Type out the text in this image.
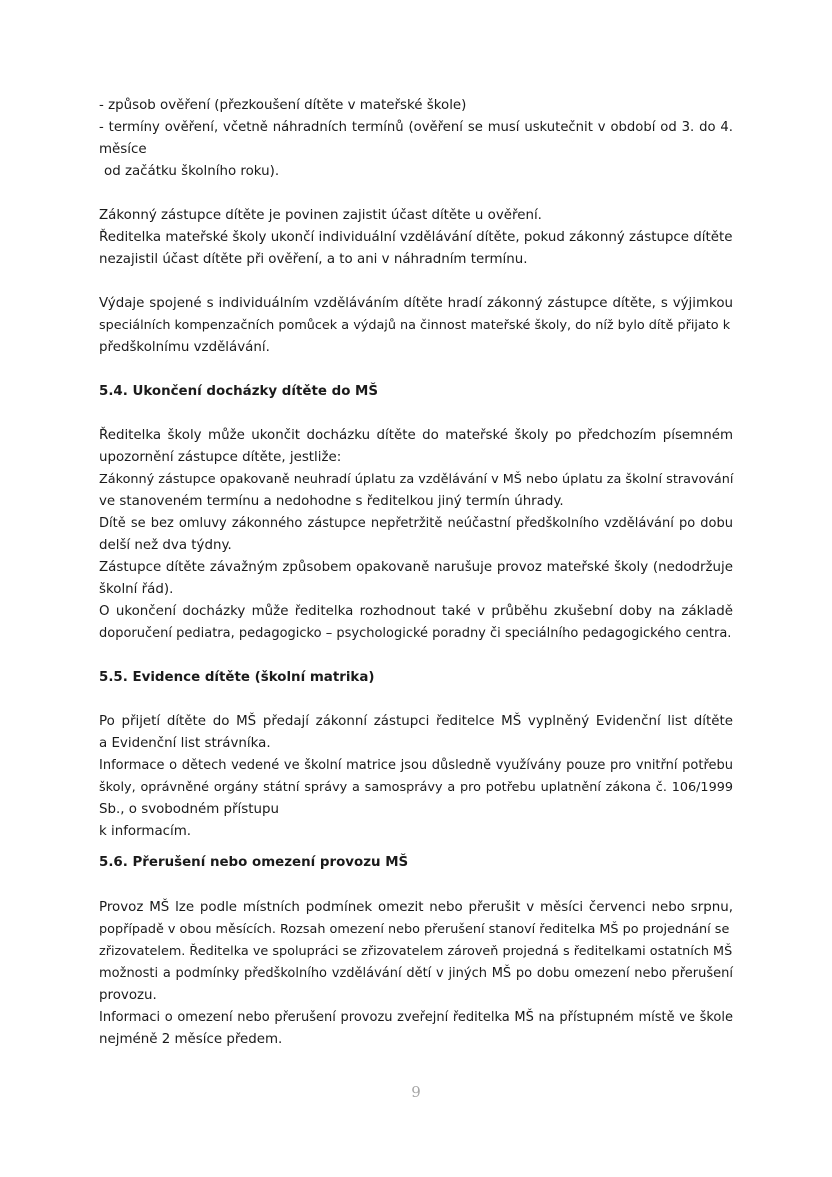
- způsob ověření (přezkoušení dítěte v mateřské škole)
- termíny ověření, včetně náhradních termínů (ověření se musí uskutečnit v období od 3. do 4.
měsíce
od začátku školního roku).
Zákonný zástupce dítěte je povinen zajistit účast dítěte u ověření.
Ředitelka mateřské školy ukončí individuální vzdělávání dítěte, pokud zákonný zástupce dítěte
nezajistil účast dítěte při ověření, a to ani v náhradním termínu.
Výdaje spojené s individuálním vzděláváním dítěte hradí zákonný zástupce dítěte, s výjimkou
speciálních kompenzačních pomůcek a výdajů na činnost mateřské školy, do níž bylo dítě přijato k
předškolnímu vzdělávání.
5.4. Ukončení docházky dítěte do MŠ
Ředitelka školy může ukončit docházku dítěte do mateřské školy po předchozím písemném
upozornění zástupce dítěte, jestliže:
Zákonný zástupce opakovaně neuhradí úplatu za vzdělávání v MŠ nebo úplatu za školní stravování
ve stanoveném termínu a nedohodne s ředitelkou jiný termín úhrady.
Dítě se bez omluvy zákonného zástupce nepřetržitě neúčastní předškolního vzdělávání po dobu
delší než dva týdny.
Zástupce dítěte závažným způsobem opakovaně narušuje provoz mateřské školy (nedodržuje
školní řád).
O ukončení docházky může ředitelka rozhodnout také v průběhu zkušební doby na základě
doporučení pediatra, pedagogicko – psychologické poradny či speciálního pedagogického centra.
5.5. Evidence dítěte (školní matrika)
Po přijetí dítěte do MŠ předají zákonní zástupci ředitelce MŠ vyplněný Evidenční list dítěte
a Evidenční list strávníka.
Informace o dětech vedené ve školní matrice jsou důsledně využívány pouze pro vnitřní potřebu
školy, oprávněné orgány státní správy a samosprávy a pro potřebu uplatnění zákona č. 106/1999
Sb., o svobodném přístupu
k informacím.
5.6. Přerušení nebo omezení provozu MŠ
Provoz MŠ lze podle místních podmínek omezit nebo přerušit v měsíci červenci nebo srpnu,
popřípadě v obou měsících. Rozsah omezení nebo přerušení stanoví ředitelka MŠ po projednání se
zřizovatelem. Ředitelka ve spolupráci se zřizovatelem zároveň projedná s ředitelkami ostatních MŠ
možnosti a podmínky předškolního vzdělávání dětí v jiných MŠ po dobu omezení nebo přerušení
provozu.
Informaci o omezení nebo přerušení provozu zveřejní ředitelka MŠ na přístupném místě ve škole
nejméně 2 měsíce předem.
9
